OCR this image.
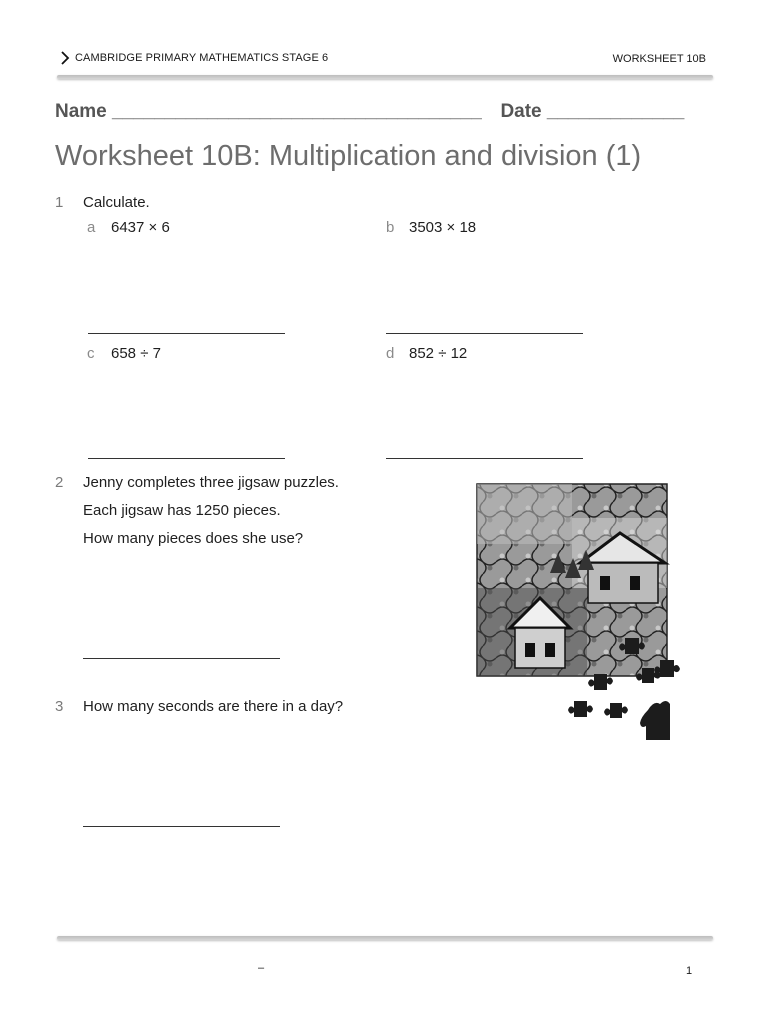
CAMBRIDGE PRIMARY MATHEMATICS STAGE 6	WORKSHEET 10B
Name ___________________________________ Date _____________
Worksheet 10B: Multiplication and division (1)
1 Calculate.
a 6437 × 6	b 3503 × 18
c 658 ÷ 7	d 852 ÷ 12
2 Jenny completes three jigsaw puzzles.
Each jigsaw has 1250 pieces.
How many pieces does she use?
3 How many seconds are there in a day?
–	1
